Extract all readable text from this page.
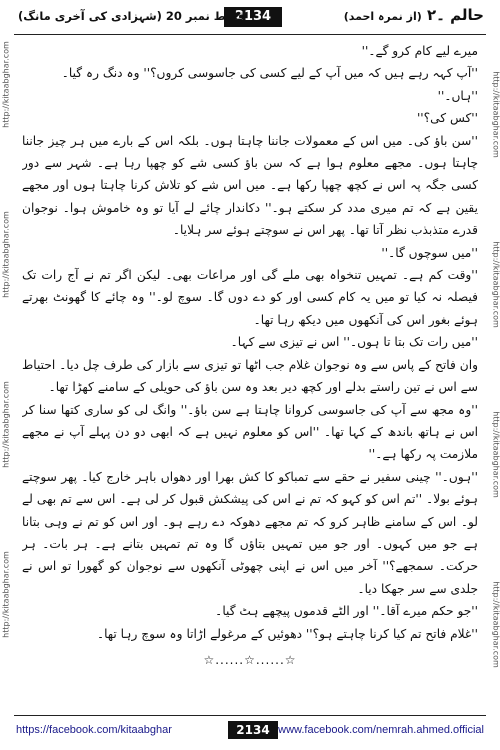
حالم ۔۲ (از نمرہ احمد)
2134
قسط نمبر 20 (شہزادی کی آخری مانگ)
http://kitaabghar.com
http://kitaabghar.com
http://kitaabghar.com
http://kitaabghar.com
http://kitaabghar.com
http://kitaabghar.com
http://kitaabghar.com
http://kitaabghar.com

میرے لیے کام کرو گے۔''

''آپ کہہ رہے ہیں کہ میں آپ کے لیے کسی کی جاسوسی کروں؟'' وہ دنگ رہ گیا۔

''ہاں۔''

''کس کی؟''

''سن باؤ کی۔ میں اس کے معمولات جاننا چاہتا ہوں۔ بلکہ اس کے بارے میں ہر چیز جاننا چاہتا ہوں۔ مجھے معلوم ہوا ہے کہ سن باؤ کسی شے کو چھپا رہا ہے۔ شہر سے دور کسی جگہ پہ اس نے کچھ چھپا رکھا ہے۔ میں اس شے کو تلاش کرنا چاہتا ہوں اور مجھے یقین ہے کہ تم میری مدد کر سکتے ہو۔'' دکاندار چائے لے آیا تو وہ خاموش ہوا۔ نوجوان قدرے متذبذب نظر آتا تھا۔ پھر اس نے سوچتے ہوئے سر ہلایا۔

''میں سوچوں گا۔''

''وقت کم ہے۔ تمہیں تنخواہ بھی ملے گی اور مراعات بھی۔ لیکن اگر تم نے آج رات تک فیصلہ نہ کیا تو میں یہ کام کسی اور کو دے دوں گا۔ سوچ لو۔'' وہ چائے کا گھونٹ بھرتے ہوئے بغور اس کی آنکھوں میں دیکھ رہا تھا۔

''میں رات تک بتا تا ہوں۔'' اس نے تیزی سے کہا۔

وان فاتح کے پاس سے وہ نوجوان غلام جب اٹھا تو تیزی سے بازار کی طرف چل دیا۔ احتیاط سے اس نے تین راستے بدلے اور کچھ دیر بعد وہ سن باؤ کی حویلی کے سامنے کھڑا تھا۔

''وہ مجھ سے آپ کی جاسوسی کروانا چاہتا ہے سن باؤ۔'' وانگ لی کو ساری کتھا سنا کر اس نے ہاتھ باندھ کے کہا تھا۔ ''اس کو معلوم نہیں ہے کہ ابھی دو دن پہلے آپ نے مجھے ملازمت پہ رکھا ہے۔''

''ہوں۔'' چینی سفیر نے حقے سے تمباکو کا کش بھرا اور دھواں باہر خارج کیا۔ پھر سوچتے ہوئے بولا۔ ''تم اس کو کہو کہ تم نے اس کی پیشکش قبول کر لی ہے۔ اس سے تم بھی لے لو۔ اس کے سامنے ظاہر کرو کہ تم مجھے دھوکہ دے رہے ہو۔ اور اس کو تم نے وہی بتانا ہے جو میں کہوں۔ اور جو میں تمہیں بتاؤں گا وہ تم تمہیں بتانے ہے۔ ہر بات۔ ہر حرکت۔ سمجھے؟'' آخر میں اس نے اپنی چھوٹی آنکھوں سے نوجوان کو گھورا تو اس نے جلدی سے سر جھکا دیا۔

''جو حکم میرے آقا۔'' اور الٹے قدموں پیچھے ہٹ گیا۔

''غلام فاتح تم کیا کرنا چاہتے ہو؟'' دھوئیں کے مرغولے اڑاتا وہ سوچ رہا تھا۔

☆......☆......☆
https://facebook.com/kitaabghar	2134 www.facebook.com/nemrah.ahmed.official
